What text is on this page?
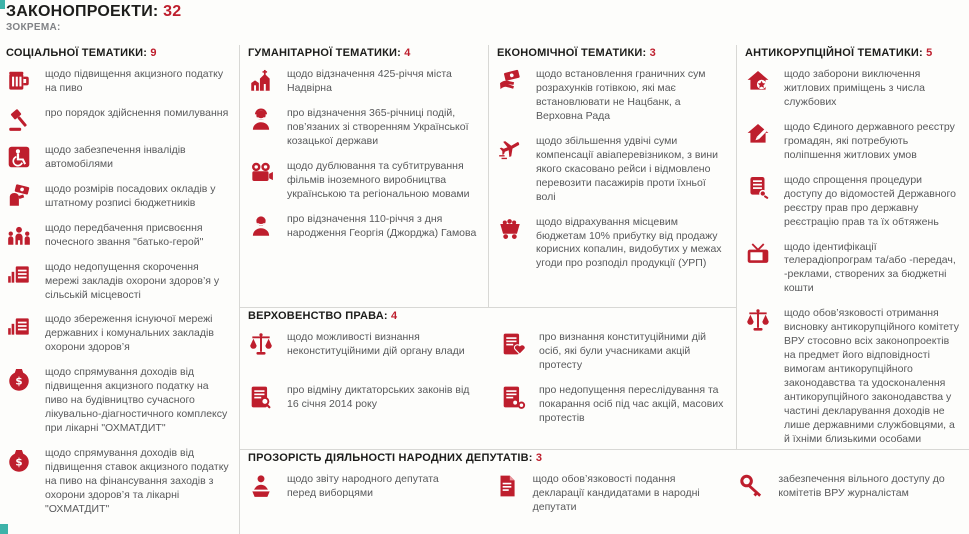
ЗАКОНОПРОЕКТИ: 32
ЗОКРЕМА:
СОЦІАЛЬНОЇ ТЕМАТИКИ: 9

щодо підвищення акцизного податку на пиво

про порядок здійснення помилування

щодо забезпечення інвалідів автомобілями

щодо розмірів посадових окладів у штатному розписі бюджетників

щодо передбачення присвоєння почесного звання "батько-герой"

щодо недопущення скорочення мережі закладів охорони здоров’я у сільській місцевості

щодо збереження існуючої мережі державних і комунальних закладів охорони здоров’я

$

щодо спрямування доходів від підвищення акцизного податку на пиво на будівництво сучасного лікувально-діагностичного комплексу при лікарні "ОХМАТДИТ"

$

щодо спрямування доходів від підвищення ставок акцизного податку на пиво на фінансування заходів з охорони здоров’я та лікарні "ОХМАТДИТ"

ГУМАНІТАРНОЇ ТЕМАТИКИ: 4

щодо відзначення 425-річчя міста Надвірна

про відзначення 365-річниці подій, пов’язаних зі створенням Української козацької держави

щодо дублювання та субтитрування фільмів іноземного виробництва українською та регіональною мовами

про відзначення 110-річчя з дня народження Георгія (Джорджа) Гамова

ЕКОНОМІЧНОЇ ТЕМАТИКИ: 3

щодо встановлення граничних сум розрахунків готівкою, які має встановлювати не Нацбанк, а Верховна Рада

щодо збільшення удвічі суми компенсації авіаперевізником, з вини якого скасовано рейси і відмовлено перевозити пасажирів проти їхньої волі

щодо відрахування місцевим бюджетам 10% прибутку від продажу корисних копалин, видобутих у межах угоди про розподіл продукції (УРП)

АНТИКОРУПЦІЙНОЇ ТЕМАТИКИ: 5

щодо заборони виключення житлових приміщень з числа службових

щодо Єдиного державного реєстру громадян, які потребують поліпшення житлових умов

щодо спрощення процедури доступу до відомостей Державного реєстру прав про державну реєстрацію прав та їх обтяжень

щодо ідентифікації телерадіопрограм та/або -передач, -реклами, створених за бюджетні кошти

щодо обов’язковості отримання висновку антикорупційного комітету ВРУ стосовно всіх законопроектів на предмет його відповідності вимогам антикорупційного законодавства та удосконалення антикорупційного законодавства у частині декларування доходів не лише державними службовцями, а й їхніми близькими особами

ВЕРХОВЕНСТВО ПРАВА: 4

щодо можливості визнання неконституційними дій органу влади

про відміну диктаторських законів від 16 січня 2014 року

про визнання конституційними дій осіб, які були учасниками акцій протесту

про недопущення переслідування та покарання осіб під час акцій, масових протестів

ПРОЗОРІСТЬ ДІЯЛЬНОСТІ НАРОДНИХ ДЕПУТАТІВ: 3

щодо звіту народного депутата перед виборцями

щодо обов’язковості подання декларації кандидатами в народні депутати

забезпечення вільного доступу до комітетів ВРУ журналістам
